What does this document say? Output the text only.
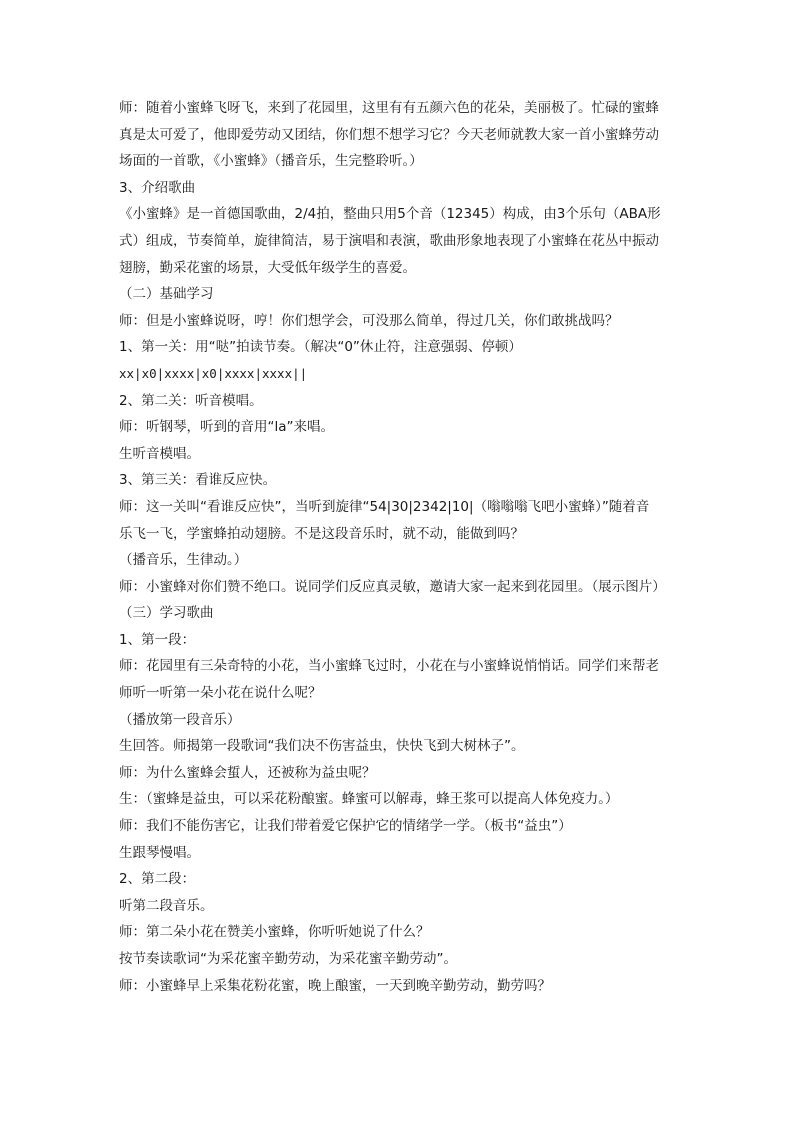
师：随着小蜜蜂飞呀飞，来到了花园里，这里有有五颜六色的花朵，美丽极了。忙碌的蜜蜂
真是太可爱了，他即爱劳动又团结，你们想不想学习它？今天老师就教大家一首小蜜蜂劳动
场面的一首歌，《小蜜蜂》（播音乐，生完整聆听。）
3、介绍歌曲
《小蜜蜂》是一首德国歌曲，2/4拍，整曲只用5个音（12345）构成，由3个乐句（ABA形
式）组成，节奏简单，旋律简洁，易于演唱和表演，歌曲形象地表现了小蜜蜂在花丛中振动
翅膀，勤采花蜜的场景，大受低年级学生的喜爱。
（二）基础学习
师：但是小蜜蜂说呀，哼！你们想学会，可没那么简单，得过几关，你们敢挑战吗？
1、第一关：用“哒”拍读节奏。（解决“0”休止符，注意强弱、停顿）
xx|x0|xxxx|x0|xxxx|xxxx||
2、第二关：听音模唱。
师：听钢琴，听到的音用“la”来唱。
生听音模唱。
3、第三关：看谁反应快。
师：这一关叫“看谁反应快”，当听到旋律“54|30|2342|10|（嗡嗡嗡飞吧小蜜蜂）”随着音
乐飞一飞，学蜜蜂拍动翅膀。不是这段音乐时，就不动，能做到吗？
（播音乐，生律动。）
师：小蜜蜂对你们赞不绝口。说同学们反应真灵敏，邀请大家一起来到花园里。（展示图片）
（三）学习歌曲
1、第一段：
师：花园里有三朵奇特的小花，当小蜜蜂飞过时，小花在与小蜜蜂说悄悄话。同学们来帮老
师听一听第一朵小花在说什么呢？
（播放第一段音乐）
生回答。师揭第一段歌词“我们决不伤害益虫，快快飞到大树林子”。
师：为什么蜜蜂会蜇人，还被称为益虫呢？
生：（蜜蜂是益虫，可以采花粉酿蜜。蜂蜜可以解毒，蜂王浆可以提高人体免疫力。）
师：我们不能伤害它，让我们带着爱它保护它的情绪学一学。（板书“益虫”）
生跟琴慢唱。
2、第二段：
听第二段音乐。
师：第二朵小花在赞美小蜜蜂，你听听她说了什么？
按节奏读歌词“为采花蜜辛勤劳动，为采花蜜辛勤劳动”。
师：小蜜蜂早上采集花粉花蜜，晚上酿蜜，一天到晚辛勤劳动，勤劳吗？
